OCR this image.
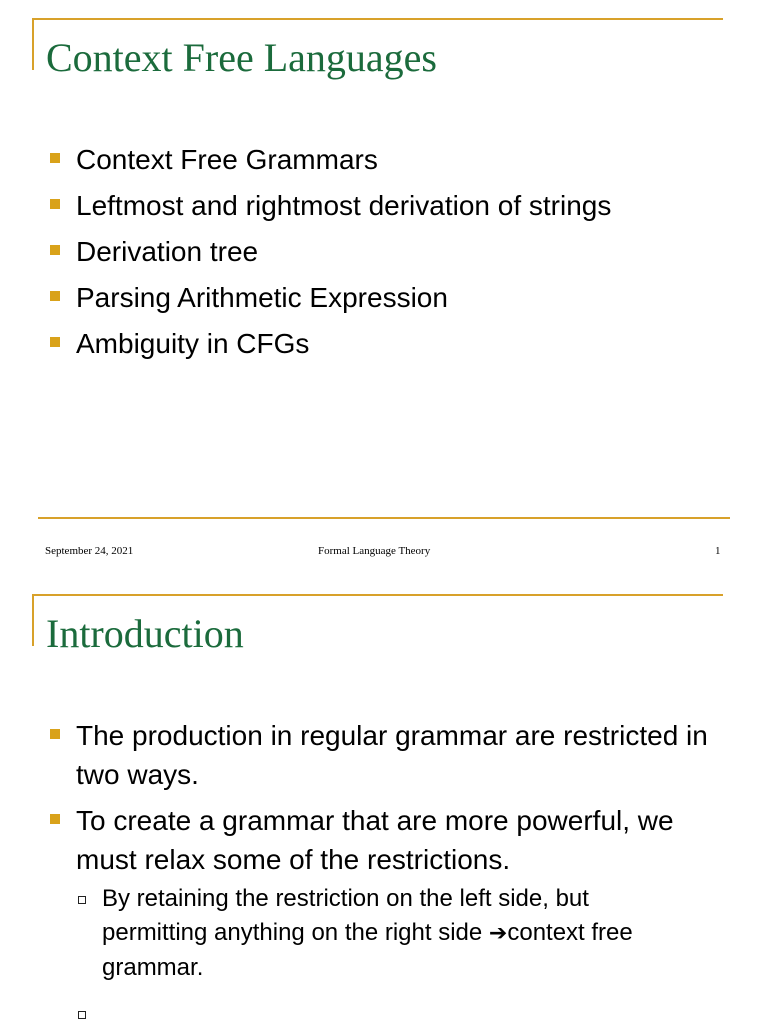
Context Free Languages
Context Free Grammars
Leftmost and rightmost derivation of strings
Derivation tree
Parsing Arithmetic Expression
Ambiguity in CFGs
September 24, 2021	Formal Language Theory	1
Introduction
The production in regular grammar are restricted in two ways.
To create a grammar that are more powerful, we must relax some of the restrictions.
By retaining the restriction on the left side, but permitting anything on the right side ➔context free grammar.
